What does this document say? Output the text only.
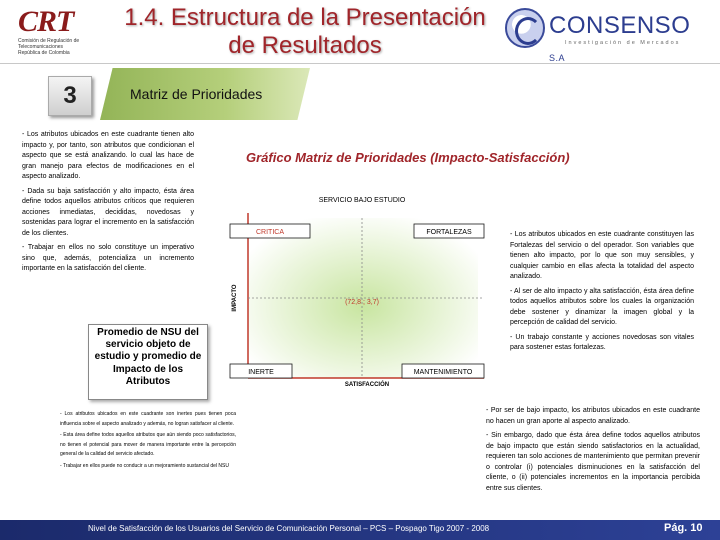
CRT
Comisión de Regulación de Telecomunicaciones República de Colombia
1.4. Estructura de la Presentación de Resultados
CONSENSO S.A
Investigación de Mercados
3	Matriz de Prioridades

- Los atributos ubicados en este cuadrante tienen alto impacto y, por tanto, son atributos que condicionan el aspecto que se está analizando. lo cual las hace de gran manejo para efectos de modificaciones en el aspecto analizado.

- Dada su baja satisfacción y alto impacto, ésta área define todos aquellos atributos críticos que requieren acciones inmediatas, decididas, novedosas y sostenidas para lograr el incremento en la satisfacción de los clientes.

- Trabajar en ellos no solo constituye un imperativo sino que, además, potencializa un incremento importante en la satisfacción del cliente.

Promedio de NSU del servicio objeto de estudio y promedio de Impacto de los Atributos

- Los atributos ubicados en este cuadrante son inertes pues tienen poca influencia sobre el aspecto analizado y además, no logran satisfacer al cliente.

- Esta área define todos aquellos atributos que aún siendo poco satisfactorios, no tienen el potencial para mover de manera importante entre la percepción general de la calidad del servicio afectado.

- Trabajar en ellos puede no conducir a un mejoramiento sustancial del NSU

Gráfico Matriz de Prioridades (Impacto-Satisfacción)
SERVICIO BAJO ESTUDIO
IMPACTO
SATISFACCIÓN
CRITICA	FORTALEZAS
INERTE	MANTENIMIENTO
(72,8 ; 3,7)

- Los atributos ubicados en este cuadrante constituyen las Fortalezas del servicio o del operador. Son variables que tienen alto impacto, por lo que son muy sensibles, y cualquier cambio en ellas afecta la totalidad del aspecto analizado.

- Al ser de alto impacto y alta satisfacción, ésta área define todos aquellos atributos sobre los cuales la organización debe sostener y dinamizar la imagen global y la percepción de calidad del servicio.

- Un trabajo constante y acciones novedosas son vitales para sostener estas fortalezas.

- Por ser de bajo impacto, los atributos ubicados en este cuadrante no hacen un gran aporte al aspecto analizado.

- Sin embargo, dado que ésta área define todos aquellos atributos de bajo impacto que están siendo satisfactorios en la actualidad, requieren tan solo acciones de mantenimiento que permitan prevenir o controlar (i) potenciales disminuciones en la satisfacción del cliente, o (ii) potenciales incrementos en la importancia percibida entre sus clientes.

Nivel de Satisfacción de los Usuarios del Servicio de Comunicación Personal – PCS – Pospago Tigo 2007 - 2008	Pág. 10
